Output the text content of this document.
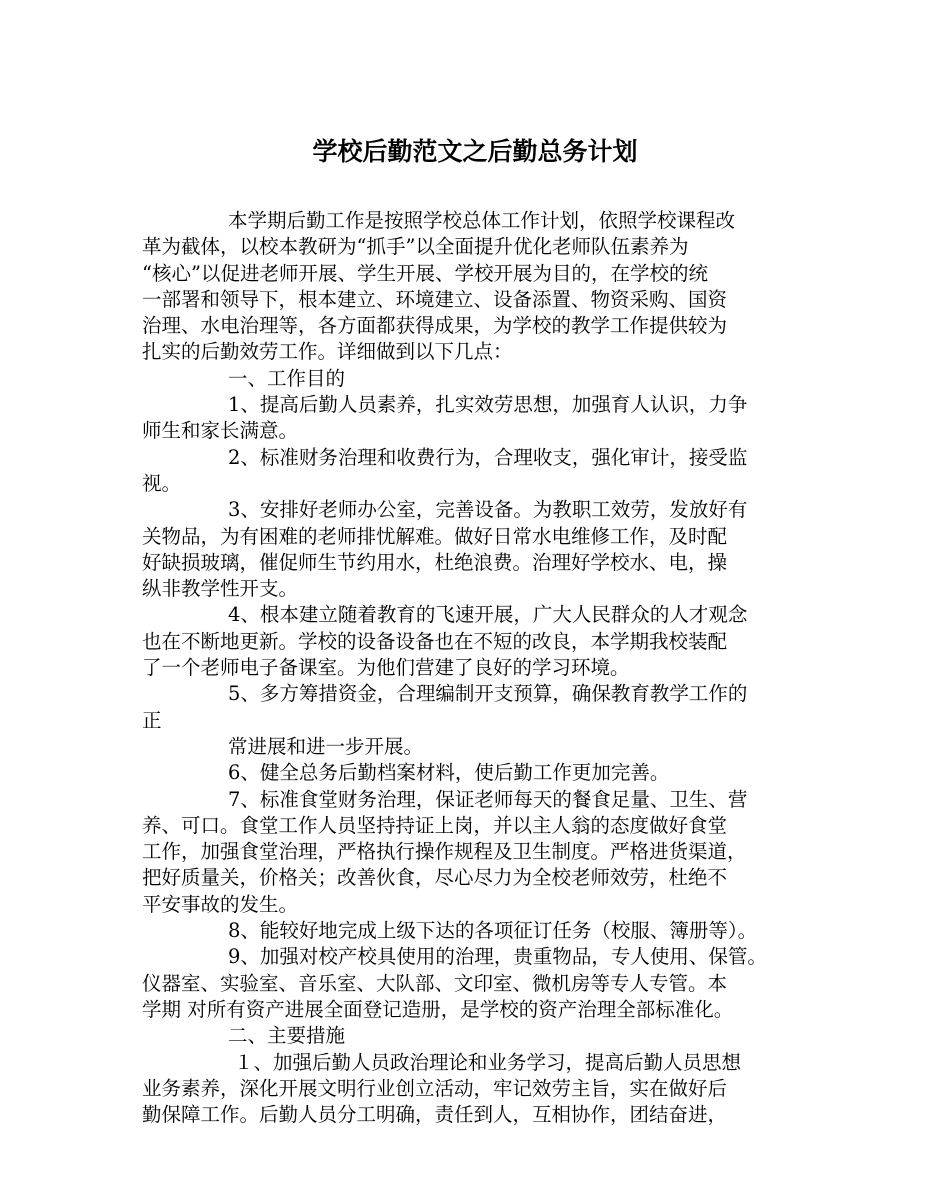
学校后勤范文之后勤总务计划
本学期后勤工作是按照学校总体工作计划，依照学校课程改
革为截体，以校本教研为“抓手”以全面提升优化老师队伍素养为
“核心”以促进老师开展、学生开展、学校开展为目的，在学校的统
一部署和领导下，根本建立、环境建立、设备添置、物资采购、国资
治理、水电治理等，各方面都获得成果，为学校的教学工作提供较为
扎实的后勤效劳工作。详细做到以下几点：
一、工作目的
1、提高后勤人员素养，扎实效劳思想，加强育人认识，力争
师生和家长满意。
2、标准财务治理和收费行为，合理收支，强化审计，接受监
视。
3、安排好老师办公室，完善设备。为教职工效劳，发放好有
关物品，为有困难的老师排忧解难。做好日常水电维修工作，及时配
好缺损玻璃，催促师生节约用水，杜绝浪费。治理好学校水、电，操
纵非教学性开支。
4、根本建立随着教育的飞速开展，广大人民群众的人才观念
也在不断地更新。学校的设备设备也在不短的改良，本学期我校装配
了一个老师电子备课室。为他们营建了良好的学习环境。
5、多方筹措资金，合理编制开支预算，确保教育教学工作的
正
常进展和进一步开展。
6、健全总务后勤档案材料，使后勤工作更加完善。
7、标准食堂财务治理，保证老师每天的餐食足量、卫生、营
养、可口。食堂工作人员坚持持证上岗，并以主人翁的态度做好食堂
工作，加强食堂治理，严格执行操作规程及卫生制度。严格进货渠道，
把好质量关，价格关；改善伙食，尽心尽力为全校老师效劳，杜绝不
平安事故的发生。
8、能较好地完成上级下达的各项征订任务（校服、簿册等）。
9、加强对校产校具使用的治理，贵重物品，专人使用、保管。
仪器室、实验室、音乐室、大队部、文印室、微机房等专人专管。本
学期 对所有资产进展全面登记造册，是学校的资产治理全部标准化。
二、主要措施
１、加强后勤人员政治理论和业务学习，提高后勤人员思想
业务素养，深化开展文明行业创立活动，牢记效劳主旨，实在做好后
勤保障工作。后勤人员分工明确，责任到人，互相协作，团结奋进，
